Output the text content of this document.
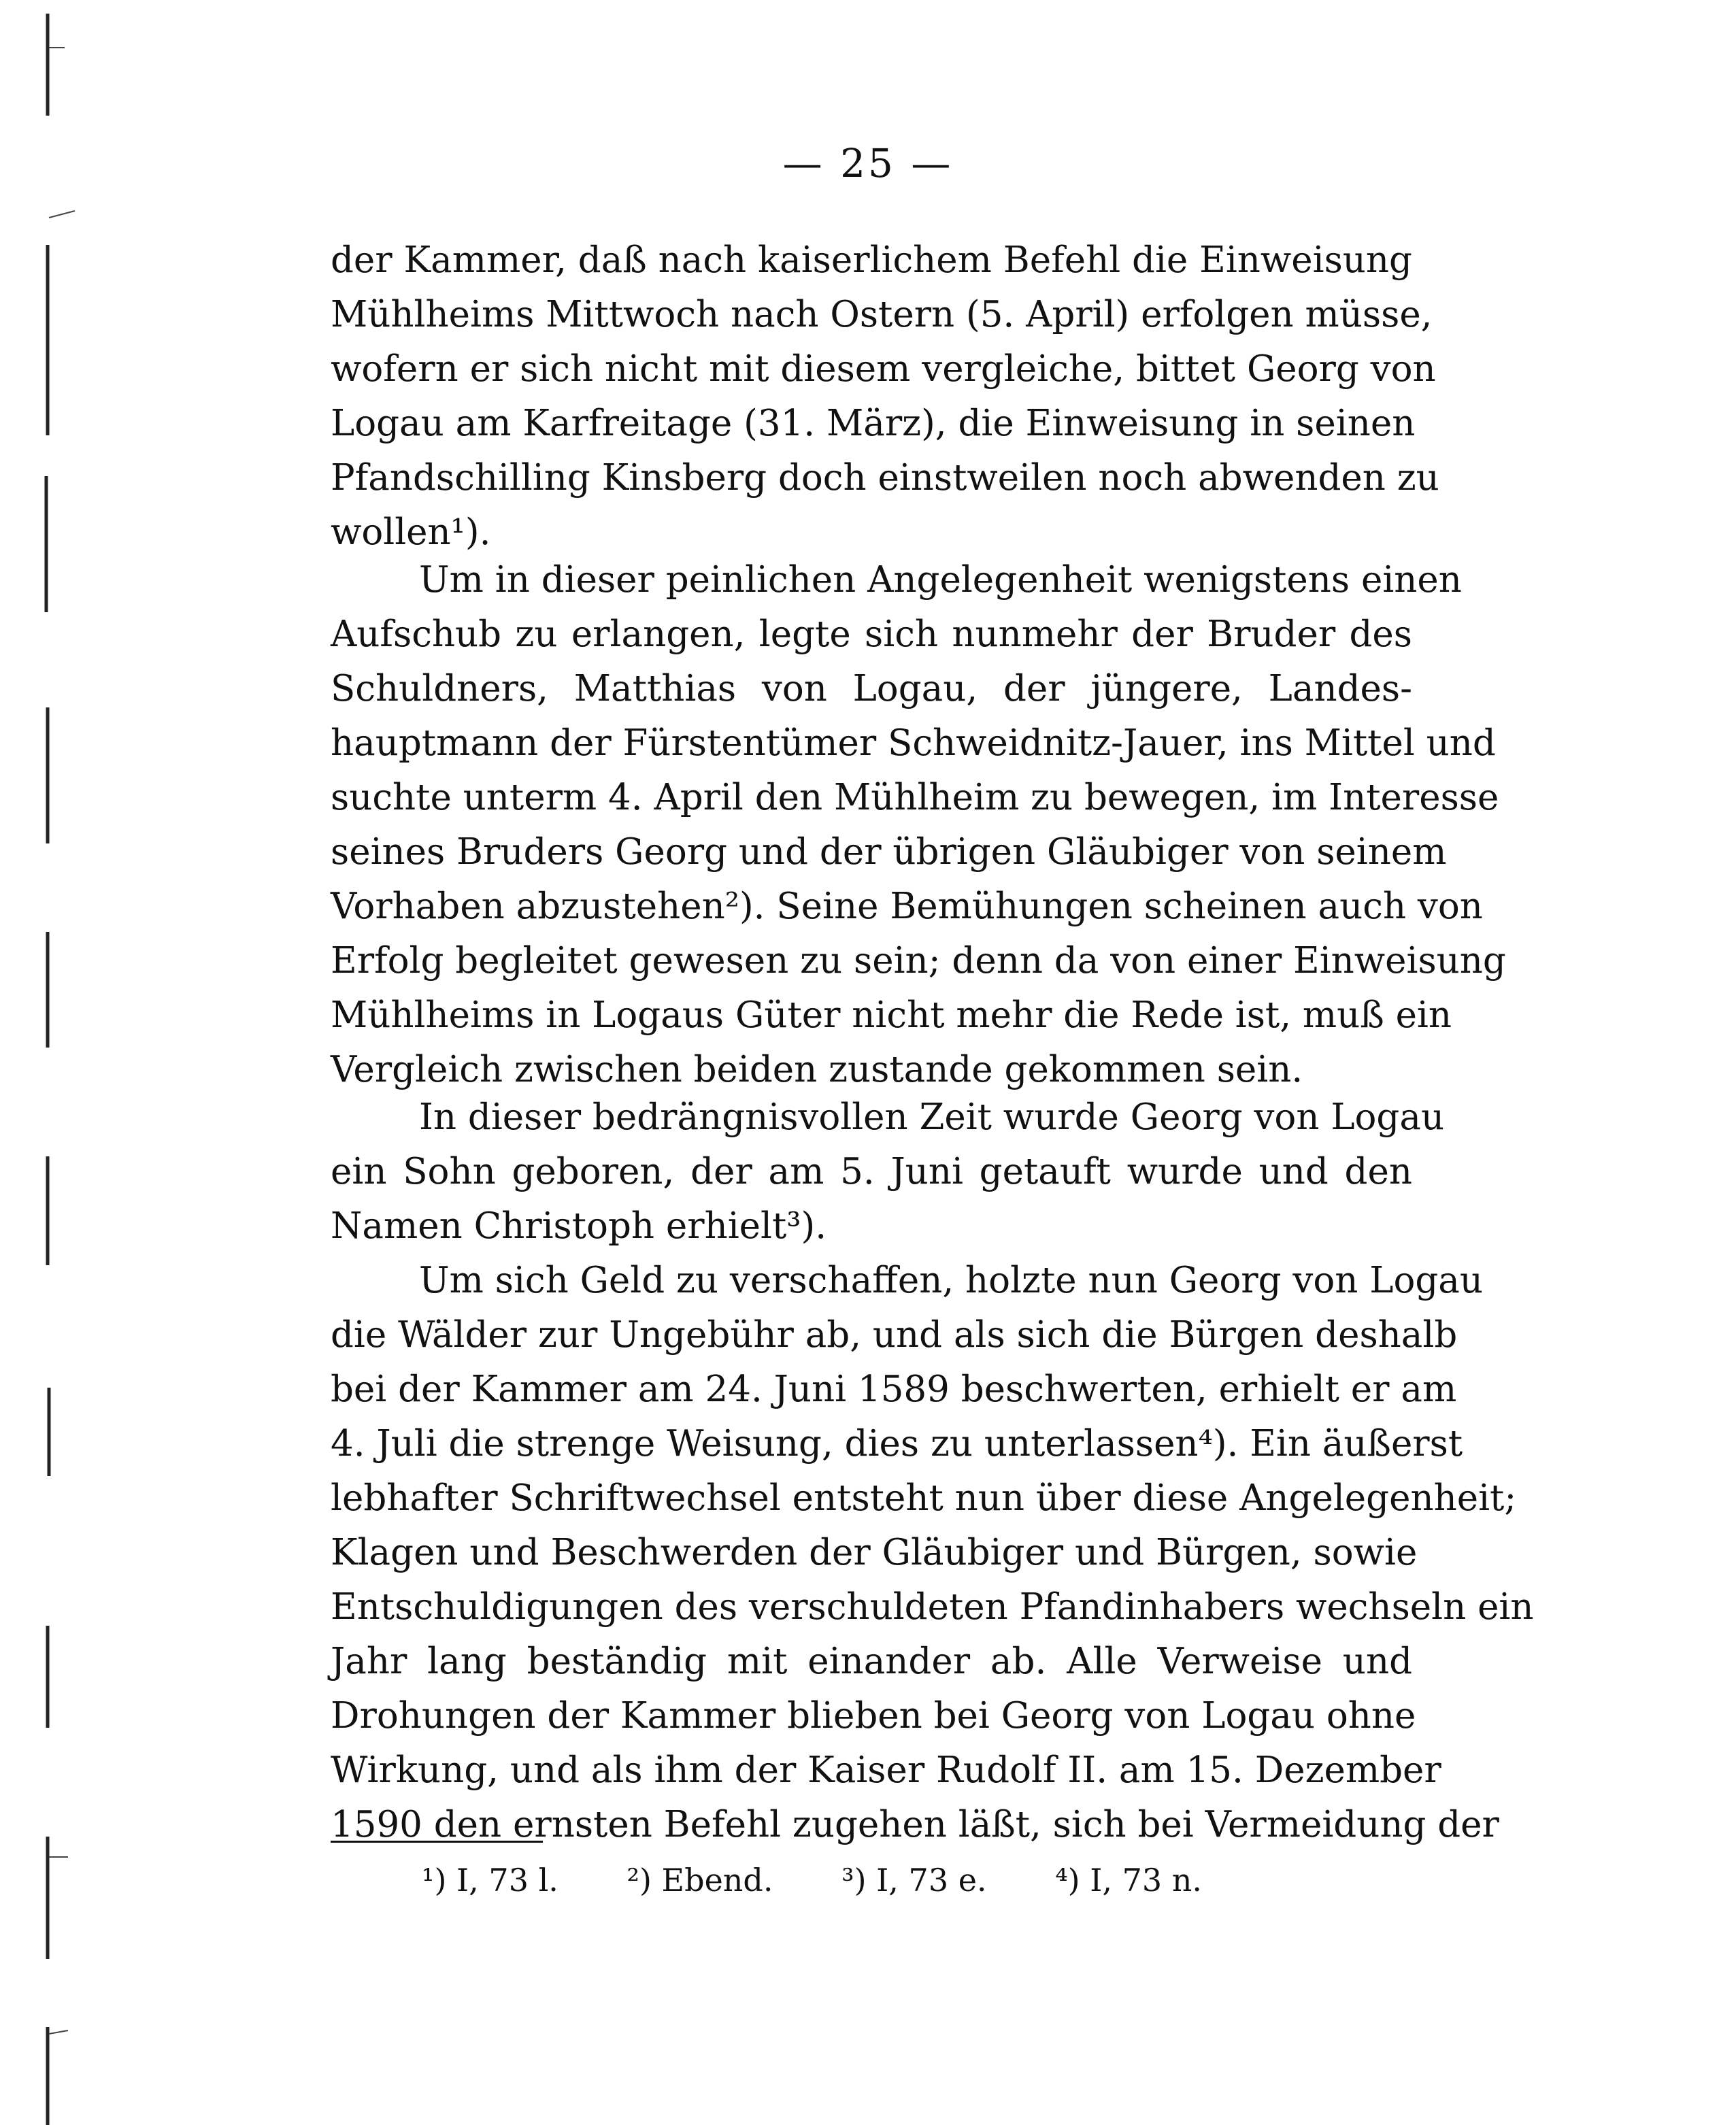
— 25 —
der Kammer, daß nach kaiserlichem Befehl die Einweisung
Mühlheims Mittwoch nach Ostern (5. April) erfolgen müsse,
wofern er sich nicht mit diesem vergleiche, bittet Georg von
Logau am Karfreitage (31. März), die Einweisung in seinen
Pfandschilling Kinsberg doch einstweilen noch abwenden zu
wollen¹).
Um in dieser peinlichen Angelegenheit wenigstens einen
Aufschub zu erlangen, legte sich nunmehr der Bruder des
Schuldners, Matthias von Logau, der jüngere, Landes-
hauptmann der Fürstentümer Schweidnitz-Jauer, ins Mittel und
suchte unterm 4. April den Mühlheim zu bewegen, im Interesse
seines Bruders Georg und der übrigen Gläubiger von seinem
Vorhaben abzustehen²). Seine Bemühungen scheinen auch von
Erfolg begleitet gewesen zu sein; denn da von einer Einweisung
Mühlheims in Logaus Güter nicht mehr die Rede ist, muß ein
Vergleich zwischen beiden zustande gekommen sein.
In dieser bedrängnisvollen Zeit wurde Georg von Logau
ein Sohn geboren, der am 5. Juni getauft wurde und den
Namen Christoph erhielt³).
Um sich Geld zu verschaffen, holzte nun Georg von Logau
die Wälder zur Ungebühr ab, und als sich die Bürgen deshalb
bei der Kammer am 24. Juni 1589 beschwerten, erhielt er am
4. Juli die strenge Weisung, dies zu unterlassen⁴). Ein äußerst
lebhafter Schriftwechsel entsteht nun über diese Angelegenheit;
Klagen und Beschwerden der Gläubiger und Bürgen, sowie
Entschuldigungen des verschuldeten Pfandinhabers wechseln ein
Jahr lang beständig mit einander ab. Alle Verweise und
Drohungen der Kammer blieben bei Georg von Logau ohne
Wirkung, und als ihm der Kaiser Rudolf II. am 15. Dezember
1590 den ernsten Befehl zugehen läßt, sich bei Vermeidung der
¹) I, 73 l. ²) Ebend. ³) I, 73 e. ⁴) I, 73 n.
